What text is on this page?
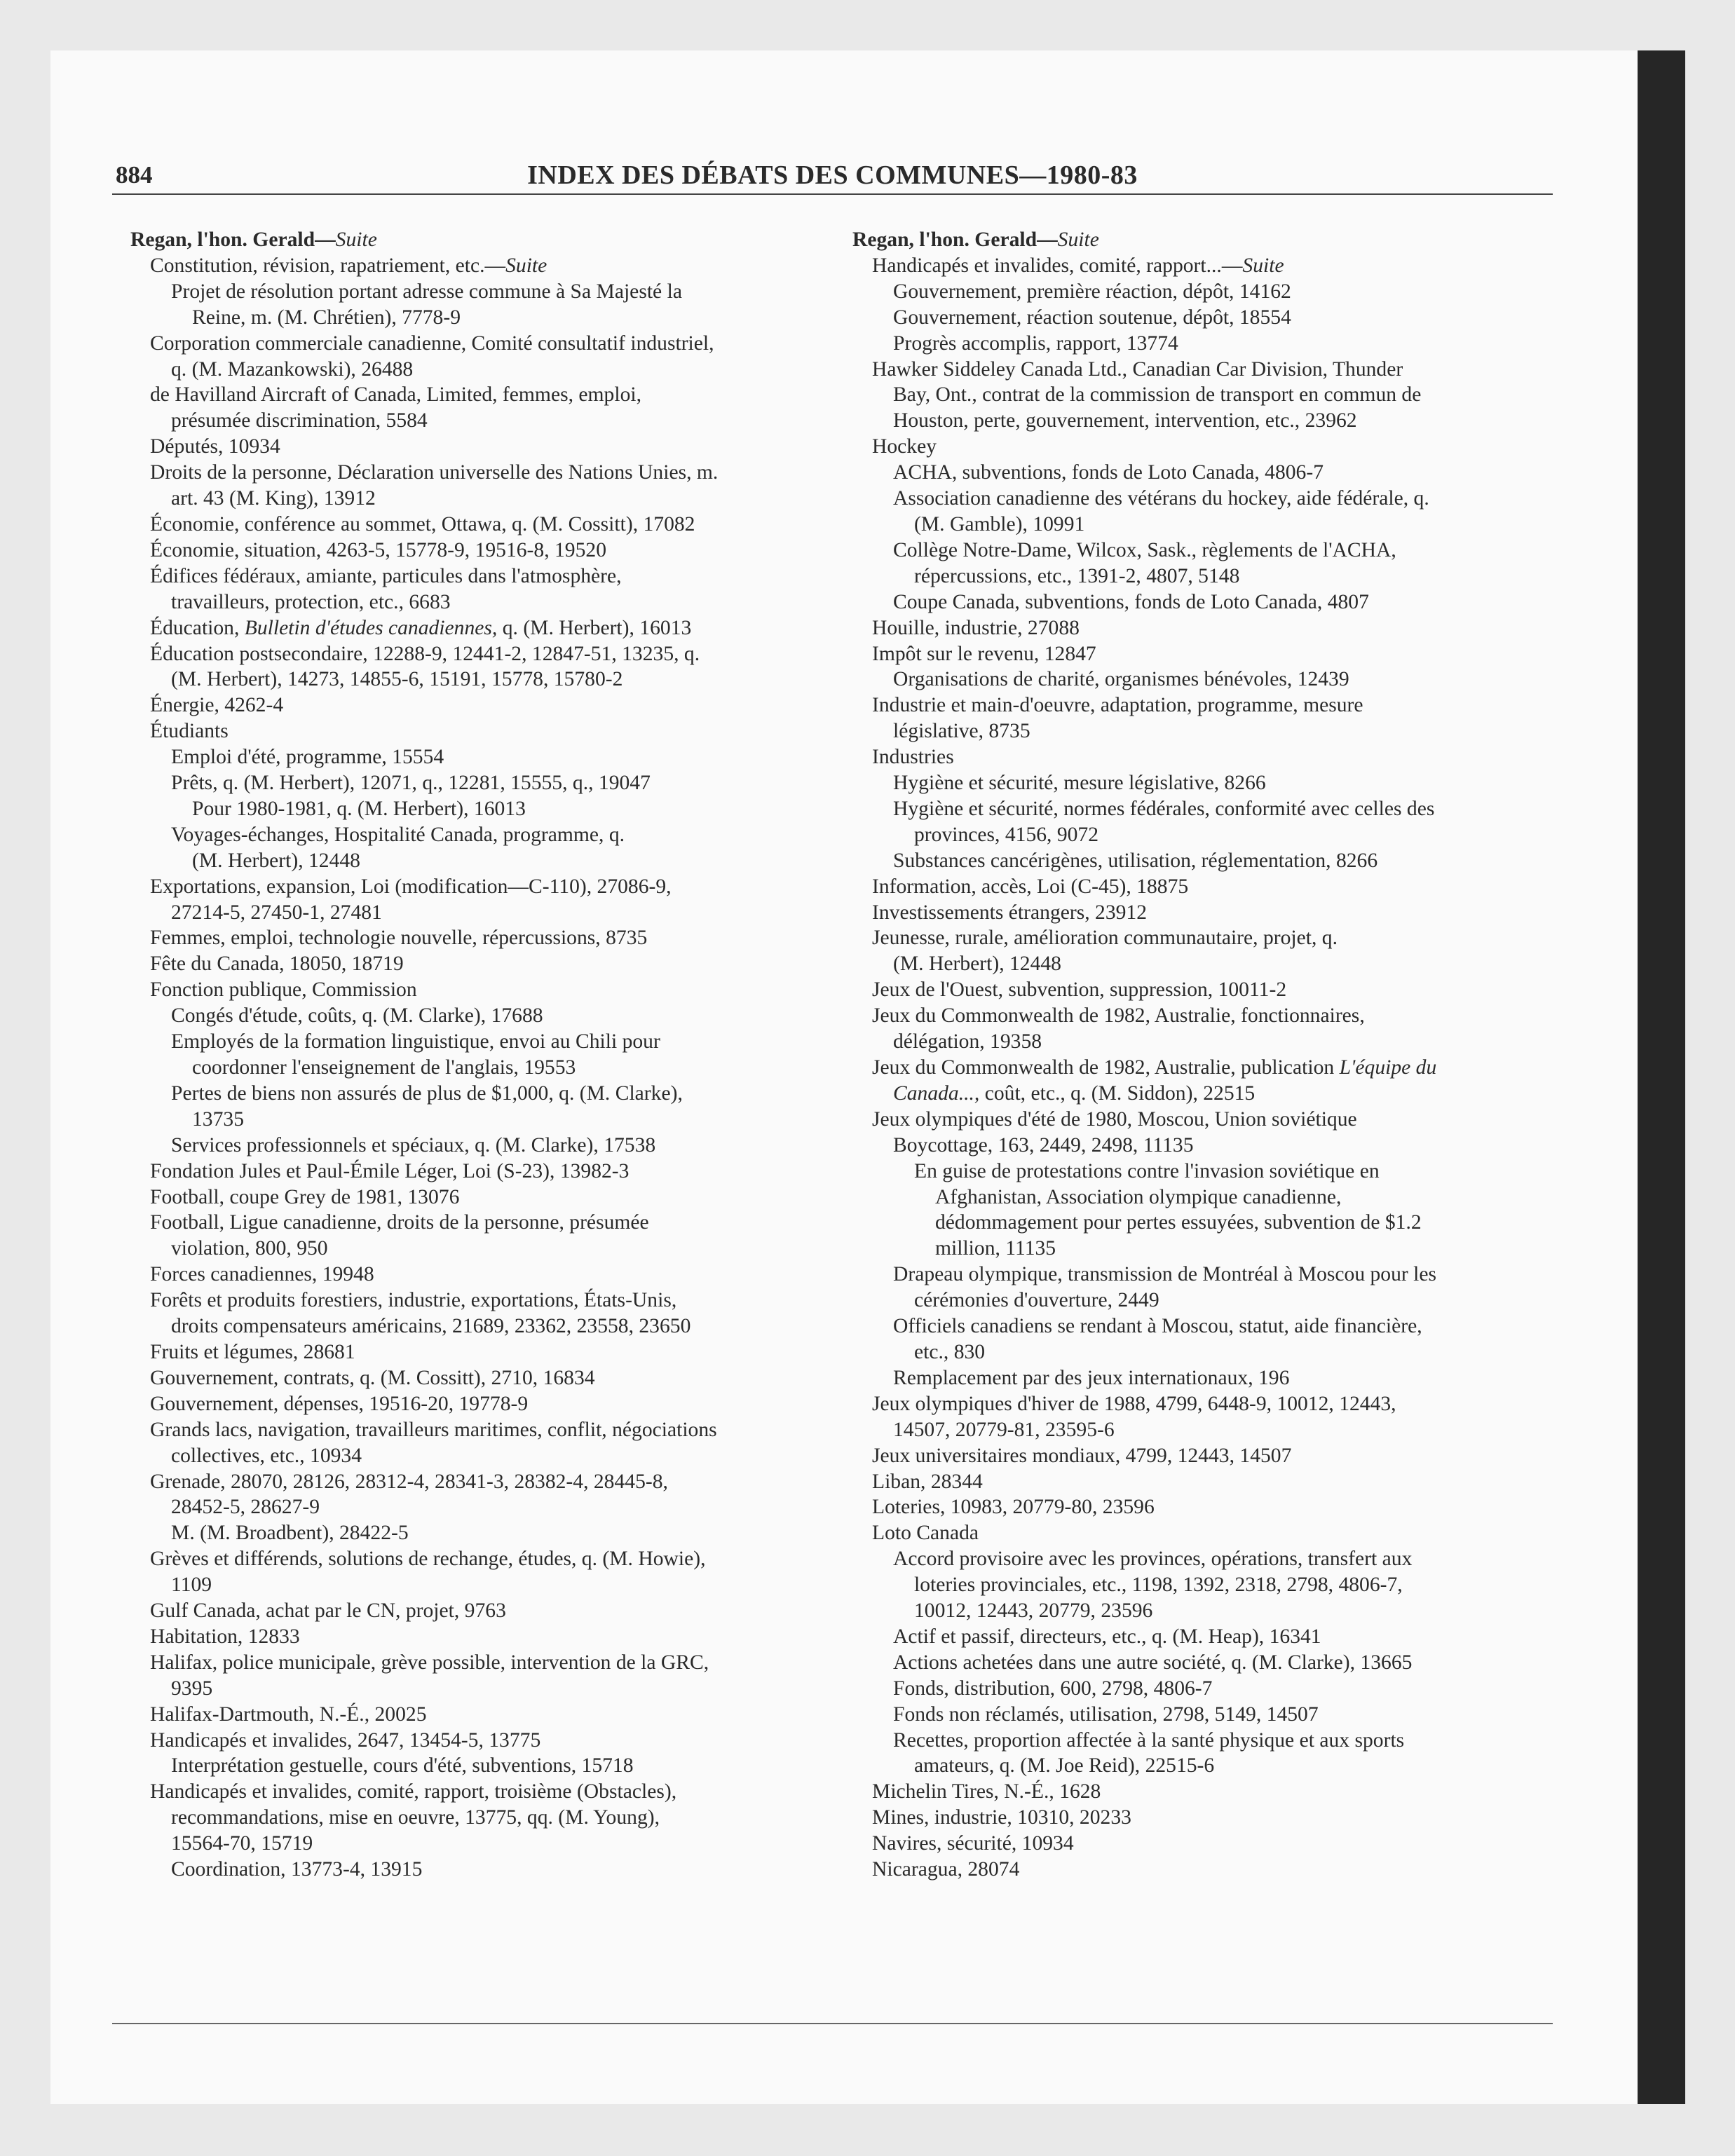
884	INDEX DES DÉBATS DES COMMUNES—1980-83
Regan, l'hon. Gerald—Suite
Constitution, révision, rapatriement, etc.—Suite
Projet de résolution portant adresse commune à Sa Majesté la
Reine, m. (M. Chrétien), 7778-9
Corporation commerciale canadienne, Comité consultatif industriel,
q. (M. Mazankowski), 26488
de Havilland Aircraft of Canada, Limited, femmes, emploi,
présumée discrimination, 5584
Députés, 10934
Droits de la personne, Déclaration universelle des Nations Unies, m.
art. 43 (M. King), 13912
Économie, conférence au sommet, Ottawa, q. (M. Cossitt), 17082
Économie, situation, 4263-5, 15778-9, 19516-8, 19520
Édifices fédéraux, amiante, particules dans l'atmosphère,
travailleurs, protection, etc., 6683
Éducation, Bulletin d'études canadiennes, q. (M. Herbert), 16013
Éducation postsecondaire, 12288-9, 12441-2, 12847-51, 13235, q.
(M. Herbert), 14273, 14855-6, 15191, 15778, 15780-2
Énergie, 4262-4
Étudiants
Emploi d'été, programme, 15554
Prêts, q. (M. Herbert), 12071, q., 12281, 15555, q., 19047
Pour 1980-1981, q. (M. Herbert), 16013
Voyages-échanges, Hospitalité Canada, programme, q.
(M. Herbert), 12448
Exportations, expansion, Loi (modification—C-110), 27086-9,
27214-5, 27450-1, 27481
Femmes, emploi, technologie nouvelle, répercussions, 8735
Fête du Canada, 18050, 18719
Fonction publique, Commission
Congés d'étude, coûts, q. (M. Clarke), 17688
Employés de la formation linguistique, envoi au Chili pour
coordonner l'enseignement de l'anglais, 19553
Pertes de biens non assurés de plus de $1,000, q. (M. Clarke),
13735
Services professionnels et spéciaux, q. (M. Clarke), 17538
Fondation Jules et Paul-Émile Léger, Loi (S-23), 13982-3
Football, coupe Grey de 1981, 13076
Football, Ligue canadienne, droits de la personne, présumée
violation, 800, 950
Forces canadiennes, 19948
Forêts et produits forestiers, industrie, exportations, États-Unis,
droits compensateurs américains, 21689, 23362, 23558, 23650
Fruits et légumes, 28681
Gouvernement, contrats, q. (M. Cossitt), 2710, 16834
Gouvernement, dépenses, 19516-20, 19778-9
Grands lacs, navigation, travailleurs maritimes, conflit, négociations
collectives, etc., 10934
Grenade, 28070, 28126, 28312-4, 28341-3, 28382-4, 28445-8,
28452-5, 28627-9
M. (M. Broadbent), 28422-5
Grèves et différends, solutions de rechange, études, q. (M. Howie),
1109
Gulf Canada, achat par le CN, projet, 9763
Habitation, 12833
Halifax, police municipale, grève possible, intervention de la GRC,
9395
Halifax-Dartmouth, N.-É., 20025
Handicapés et invalides, 2647, 13454-5, 13775
Interprétation gestuelle, cours d'été, subventions, 15718
Handicapés et invalides, comité, rapport, troisième (Obstacles),
recommandations, mise en oeuvre, 13775, qq. (M. Young),
15564-70, 15719
Coordination, 13773-4, 13915
Regan, l'hon. Gerald—Suite
Handicapés et invalides, comité, rapport...—Suite
Gouvernement, première réaction, dépôt, 14162
Gouvernement, réaction soutenue, dépôt, 18554
Progrès accomplis, rapport, 13774
Hawker Siddeley Canada Ltd., Canadian Car Division, Thunder
Bay, Ont., contrat de la commission de transport en commun de
Houston, perte, gouvernement, intervention, etc., 23962
Hockey
ACHA, subventions, fonds de Loto Canada, 4806-7
Association canadienne des vétérans du hockey, aide fédérale, q.
(M. Gamble), 10991
Collège Notre-Dame, Wilcox, Sask., règlements de l'ACHA,
répercussions, etc., 1391-2, 4807, 5148
Coupe Canada, subventions, fonds de Loto Canada, 4807
Houille, industrie, 27088
Impôt sur le revenu, 12847
Organisations de charité, organismes bénévoles, 12439
Industrie et main-d'oeuvre, adaptation, programme, mesure
législative, 8735
Industries
Hygiène et sécurité, mesure législative, 8266
Hygiène et sécurité, normes fédérales, conformité avec celles des
provinces, 4156, 9072
Substances cancérigènes, utilisation, réglementation, 8266
Information, accès, Loi (C-45), 18875
Investissements étrangers, 23912
Jeunesse, rurale, amélioration communautaire, projet, q.
(M. Herbert), 12448
Jeux de l'Ouest, subvention, suppression, 10011-2
Jeux du Commonwealth de 1982, Australie, fonctionnaires,
délégation, 19358
Jeux du Commonwealth de 1982, Australie, publication L'équipe du
Canada..., coût, etc., q. (M. Siddon), 22515
Jeux olympiques d'été de 1980, Moscou, Union soviétique
Boycottage, 163, 2449, 2498, 11135
En guise de protestations contre l'invasion soviétique en
Afghanistan, Association olympique canadienne,
dédommagement pour pertes essuyées, subvention de $1.2
million, 11135
Drapeau olympique, transmission de Montréal à Moscou pour les
cérémonies d'ouverture, 2449
Officiels canadiens se rendant à Moscou, statut, aide financière,
etc., 830
Remplacement par des jeux internationaux, 196
Jeux olympiques d'hiver de 1988, 4799, 6448-9, 10012, 12443,
14507, 20779-81, 23595-6
Jeux universitaires mondiaux, 4799, 12443, 14507
Liban, 28344
Loteries, 10983, 20779-80, 23596
Loto Canada
Accord provisoire avec les provinces, opérations, transfert aux
loteries provinciales, etc., 1198, 1392, 2318, 2798, 4806-7,
10012, 12443, 20779, 23596
Actif et passif, directeurs, etc., q. (M. Heap), 16341
Actions achetées dans une autre société, q. (M. Clarke), 13665
Fonds, distribution, 600, 2798, 4806-7
Fonds non réclamés, utilisation, 2798, 5149, 14507
Recettes, proportion affectée à la santé physique et aux sports
amateurs, q. (M. Joe Reid), 22515-6
Michelin Tires, N.-É., 1628
Mines, industrie, 10310, 20233
Navires, sécurité, 10934
Nicaragua, 28074
